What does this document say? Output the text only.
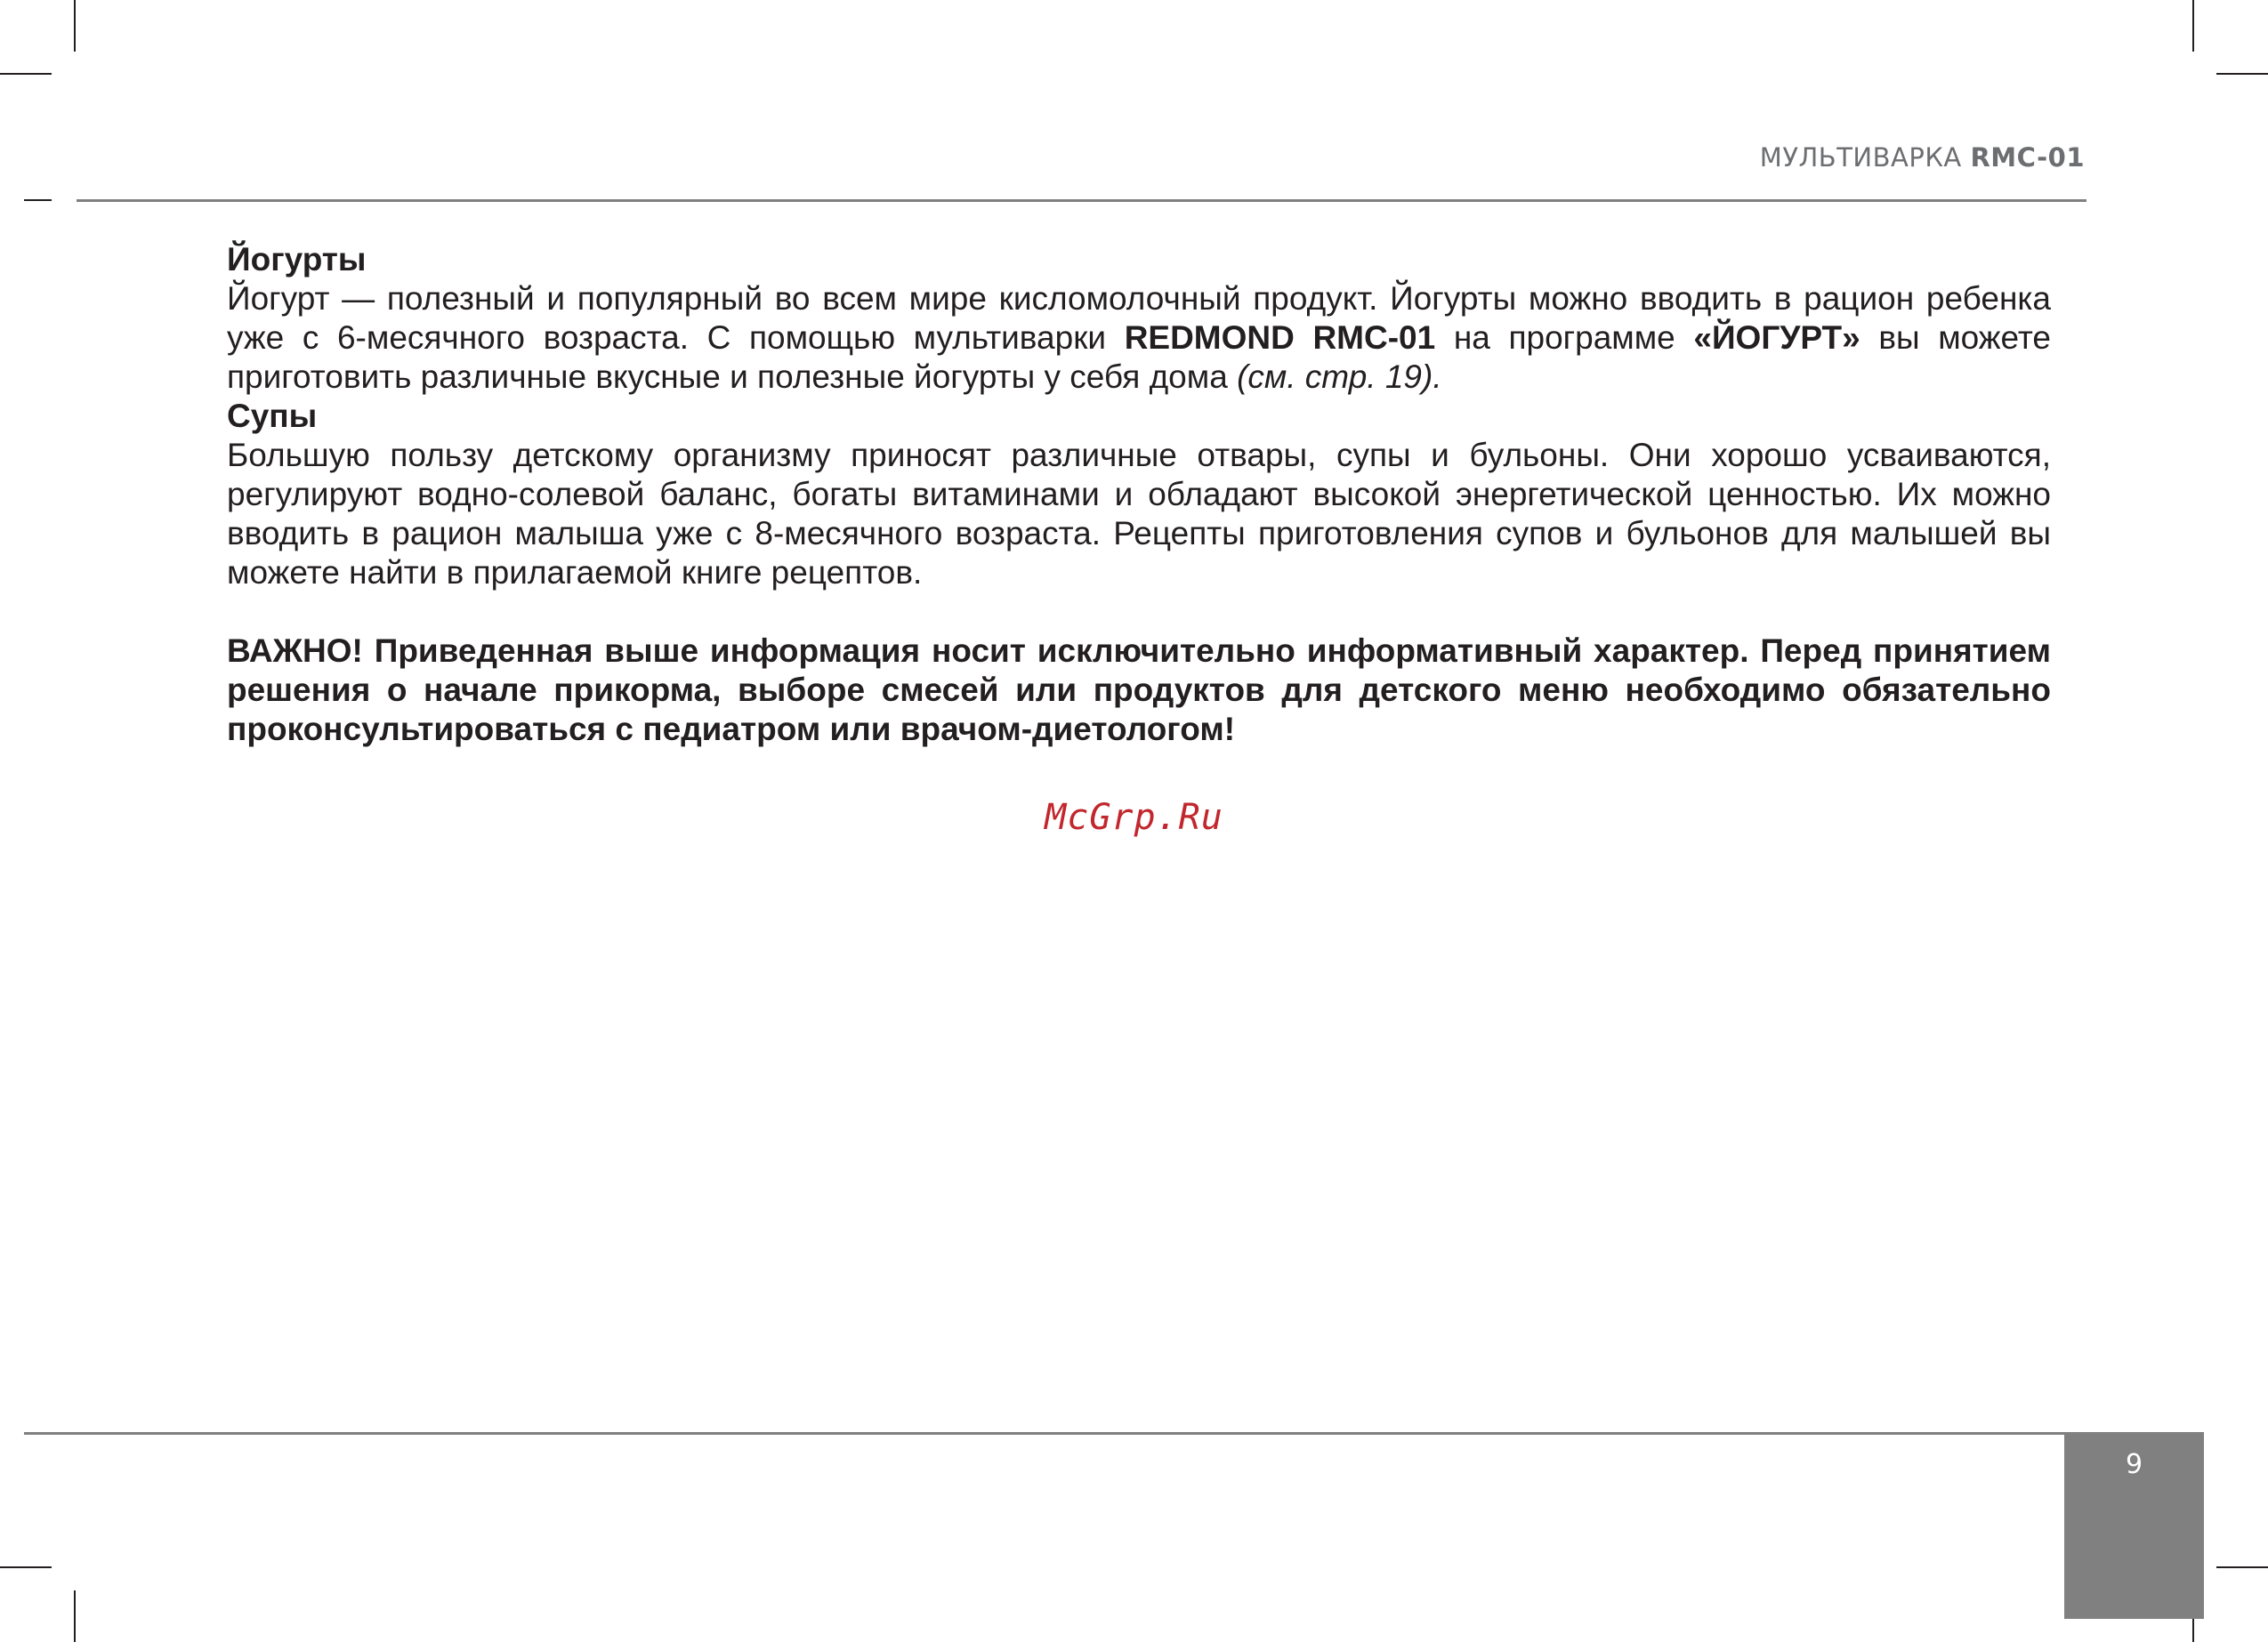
МУЛЬТИВАРКА RMC-01

Йогурты

Йогурт — полезный и популярный во всем мире кисломолочный продукт. Йогурты можно вводить в рацион ребенка уже с 6-месячного возраста. С помощью мультиварки REDMOND RMC-01 на программе «ЙОГУРТ» вы можете приготовить различные вкусные и полезные йогурты у себя дома (см. стр. 19).

Супы

Большую пользу детскому организму приносят различные отвары, супы и бульоны. Они хорошо усваиваются, регулируют водно-солевой баланс, богаты витаминами и обладают высокой энергетической ценностью. Их можно вводить в рацион малыша уже с 8-месячного возраста. Рецепты приготовления супов и бульонов для малышей вы можете найти в прилагаемой книге рецептов.

ВАЖНО! Приведенная выше информация носит исключительно информативный характер. Перед принятием решения о начале прикорма, выборе смесей или продуктов для детского меню необходимо обязательно проконсультироваться с педиатром или врачом-диетологом!

McGrp.Ru
9
